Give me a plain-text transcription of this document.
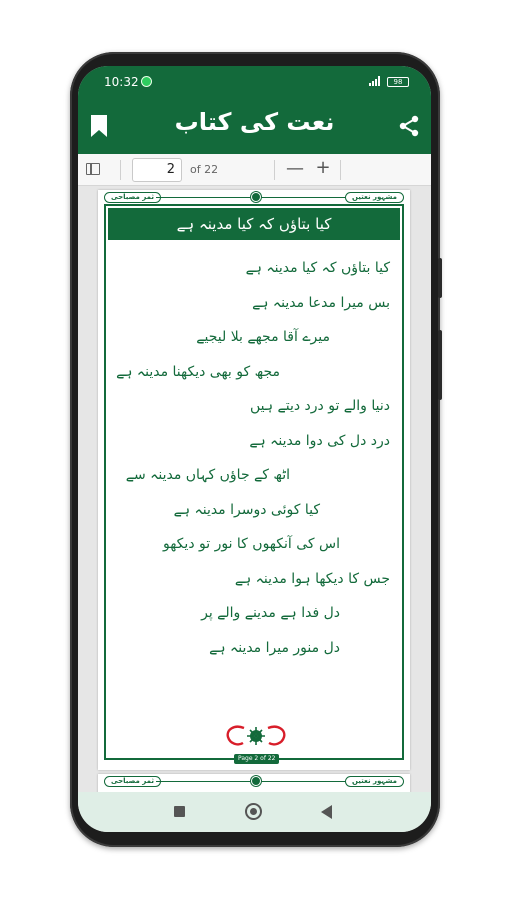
10:32	98
نعت کی کتاب
2	of 22	— +
ثمر مصباحی	مشہور نعتیں
کیا بتاؤں کہ کیا مدینہ ہے
کیا بتاؤں کہ کیا مدینہ ہے
بس میرا مدعا مدینہ ہے
میرے آقا مجھے بلا لیجیے
مجھ کو بھی دیکھنا مدینہ ہے
دنیا والے تو درد دیتے ہیں
درد دل کی دوا مدینہ ہے
اٹھ کے جاؤں کہاں مدینہ سے
کیا کوئی دوسرا مدینہ ہے
اس کی آنکھوں کا نور تو دیکھو
جس کا دیکھا ہوا مدینہ ہے
دل فدا ہے مدینے والے پر
دل منور میرا مدینہ ہے
Page 2 of 22
ثمر مصباحی	مشہور نعتیں
